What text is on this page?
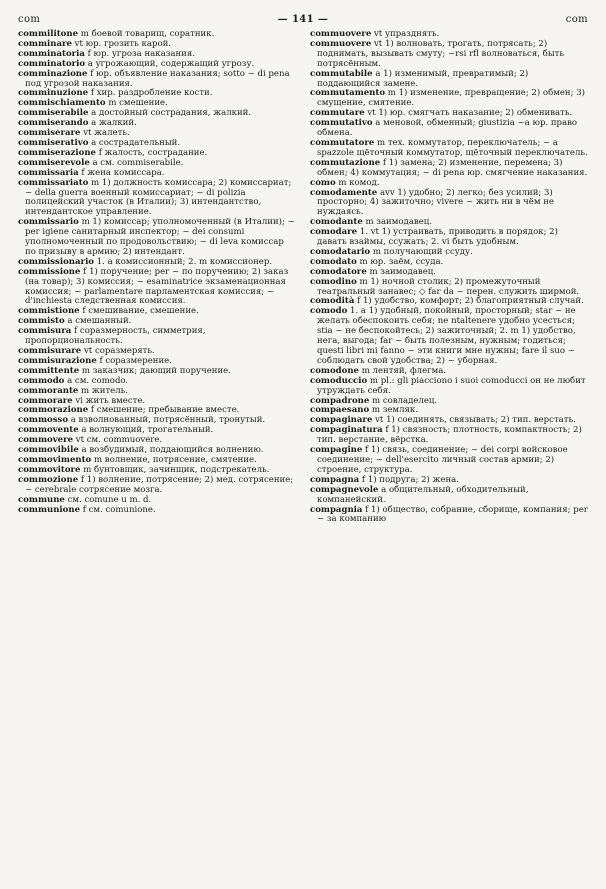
com	— 141 —	com
commilitone m боевой товарищ, соратник.
comminare vt юр. грозить карой.
comminatoria f юр. угроза наказания.
comminatorio a угрожающий, содержащий угрозу.
comminazione f юр. объявление наказания; sotto ~ di pena под угрозой наказания.
comminuzione f хир. раздробление кости.
commischiamento m смешение.
commiserabile a достойный сострадания, жалкий.
commiserando a жалкий.
commiserare vt жалеть.
commiserativo a сострадательный.
commiserazione f жалость, сострадание.
commiserevole a см. commiserabile.
commissaria f жена комиссара.
commissariato m 1) должность комиссара; 2) комиссариат; ~ della guerra военный комиссариат; ~ di polizia полицейский участок (в Италии); 3) интендантство, интендантское управление.
commissario m 1) комиссар; уполномоченный (в Италии); ~ per igiene санитарный инспектор; ~ dei consumi уполномоченный по продовольствию; ~ di leva комиссар по призыву в армию; 2) интендант.
commissionario 1. a комиссионный; 2. m комиссионер.
commissione f 1) поручение; per ~ по поручению; 2) заказ (на товар); 3) комиссия; ~ esaminatrice экзаменационная комиссия; ~ parlamentare парламентская комиссия; ~ d'inchiesta следственная комиссия.
commistione f смешивание, смешение.
commisto a смешанный.
commisura f соразмерность, симметрия, пропорциональность.
commisurare vt соразмерять.
commisurazione f соразмерение.
committente m заказчик; дающий поручение.
commodo a см. comodo.
commorante m житель.
commorare vi жить вместе.
commorazione f смешение; пребывание вместе.
commosso a взволнованный, потрясённый, тронутый.
commovente a волнующий, трогательный.
commovere vt см. commuovere.
commovibile a возбудимый, поддающийся волнению.
commovimento m волнение, потрясение, смятение.
commovitore m бунтовщик, зачинщик, подстрекатель.
commozione f 1) волнение, потрясение; 2) мед. сотрясение; ~ cerebrale сотрясение мозга.
commune см. comune u m. d.
communione f см. comunione.
commuovere vt упразднять.
commuovere vt 1) волновать, трогать, потрясать; 2) поднимать, вызывать смуту; ~rsi rfl волноваться, быть потрясённым.
commutabile a 1) изменимый, превратимый; 2) поддающийся замене.
commutamento m 1) изменение, превращение; 2) обмен; 3) смущение, смятение.
commutare vt 1) юр. смягчать наказание; 2) обменивать.
commutativo a меновой, обменный; giustizia ~a юр. право обмена.
commutatore m тех. коммутатор, переключатель; ~ a spazzole щёточный коммутатор, щёточный переключатель.
commutazione f 1) замена; 2) изменение, перемена; 3) обмен; 4) коммутация; ~ di pena юр. смягчение наказания.
como m комод.
comodamente avv 1) удобно; 2) легко; без усилий; 3) просторно; 4) зажиточно; vivere ~ жить ни в чём не нуждаясь.
comodante m заимодавец.
comodare 1. vt 1) устраивать, приводить в порядок; 2) давать взаймы, ссужать; 2. vi быть удобным.
comodatario m получающий ссуду.
comodato m юр. заём, ссуда.
comodatore m заимодавец.
comodino m 1) ночной столик; 2) промежуточный театральный занавес; ◇ far da ~ перен. служить ширмой.
comodità f 1) удобство, комфорт; 2) благоприятный случай.
comodo 1. a 1) удобный, покойный, просторный; star ~ не желать обеспокоить себя; ne ntaltenere удобно усесться; stia ~ не беспокойтесь; 2) зажиточный; 2. m 1) удобство, нега, выгода; far ~ быть полезным, нужным; годиться; questi libri mi fanno ~ эти книги мне нужны; fare il suo ~ соблюдать свой удобства; 2) ~ уборная.
comodone m лентяй, флегма.
comoduccio m pl.: gli piacciono i suoi comoducci он не любит утруждать себя.
compadrone m совладелец.
compaesano m земляк.
compaginare vt 1) соединять, связывать; 2) тип. верстать.
compaginatura f 1) связность; плотность, компактность; 2) тип. верстание, вёрстка.
compagine f 1) связь, соединение; ~ dei corpi войсковое соединение; ~ dell'esercito личный состав армии; 2) строение, структура.
compagna f 1) подруга; 2) жена.
compagnevole a общительный, обходительный, компанейский.
compagnia f 1) общество, собрание, сборище, компания; per ~ за компанию
